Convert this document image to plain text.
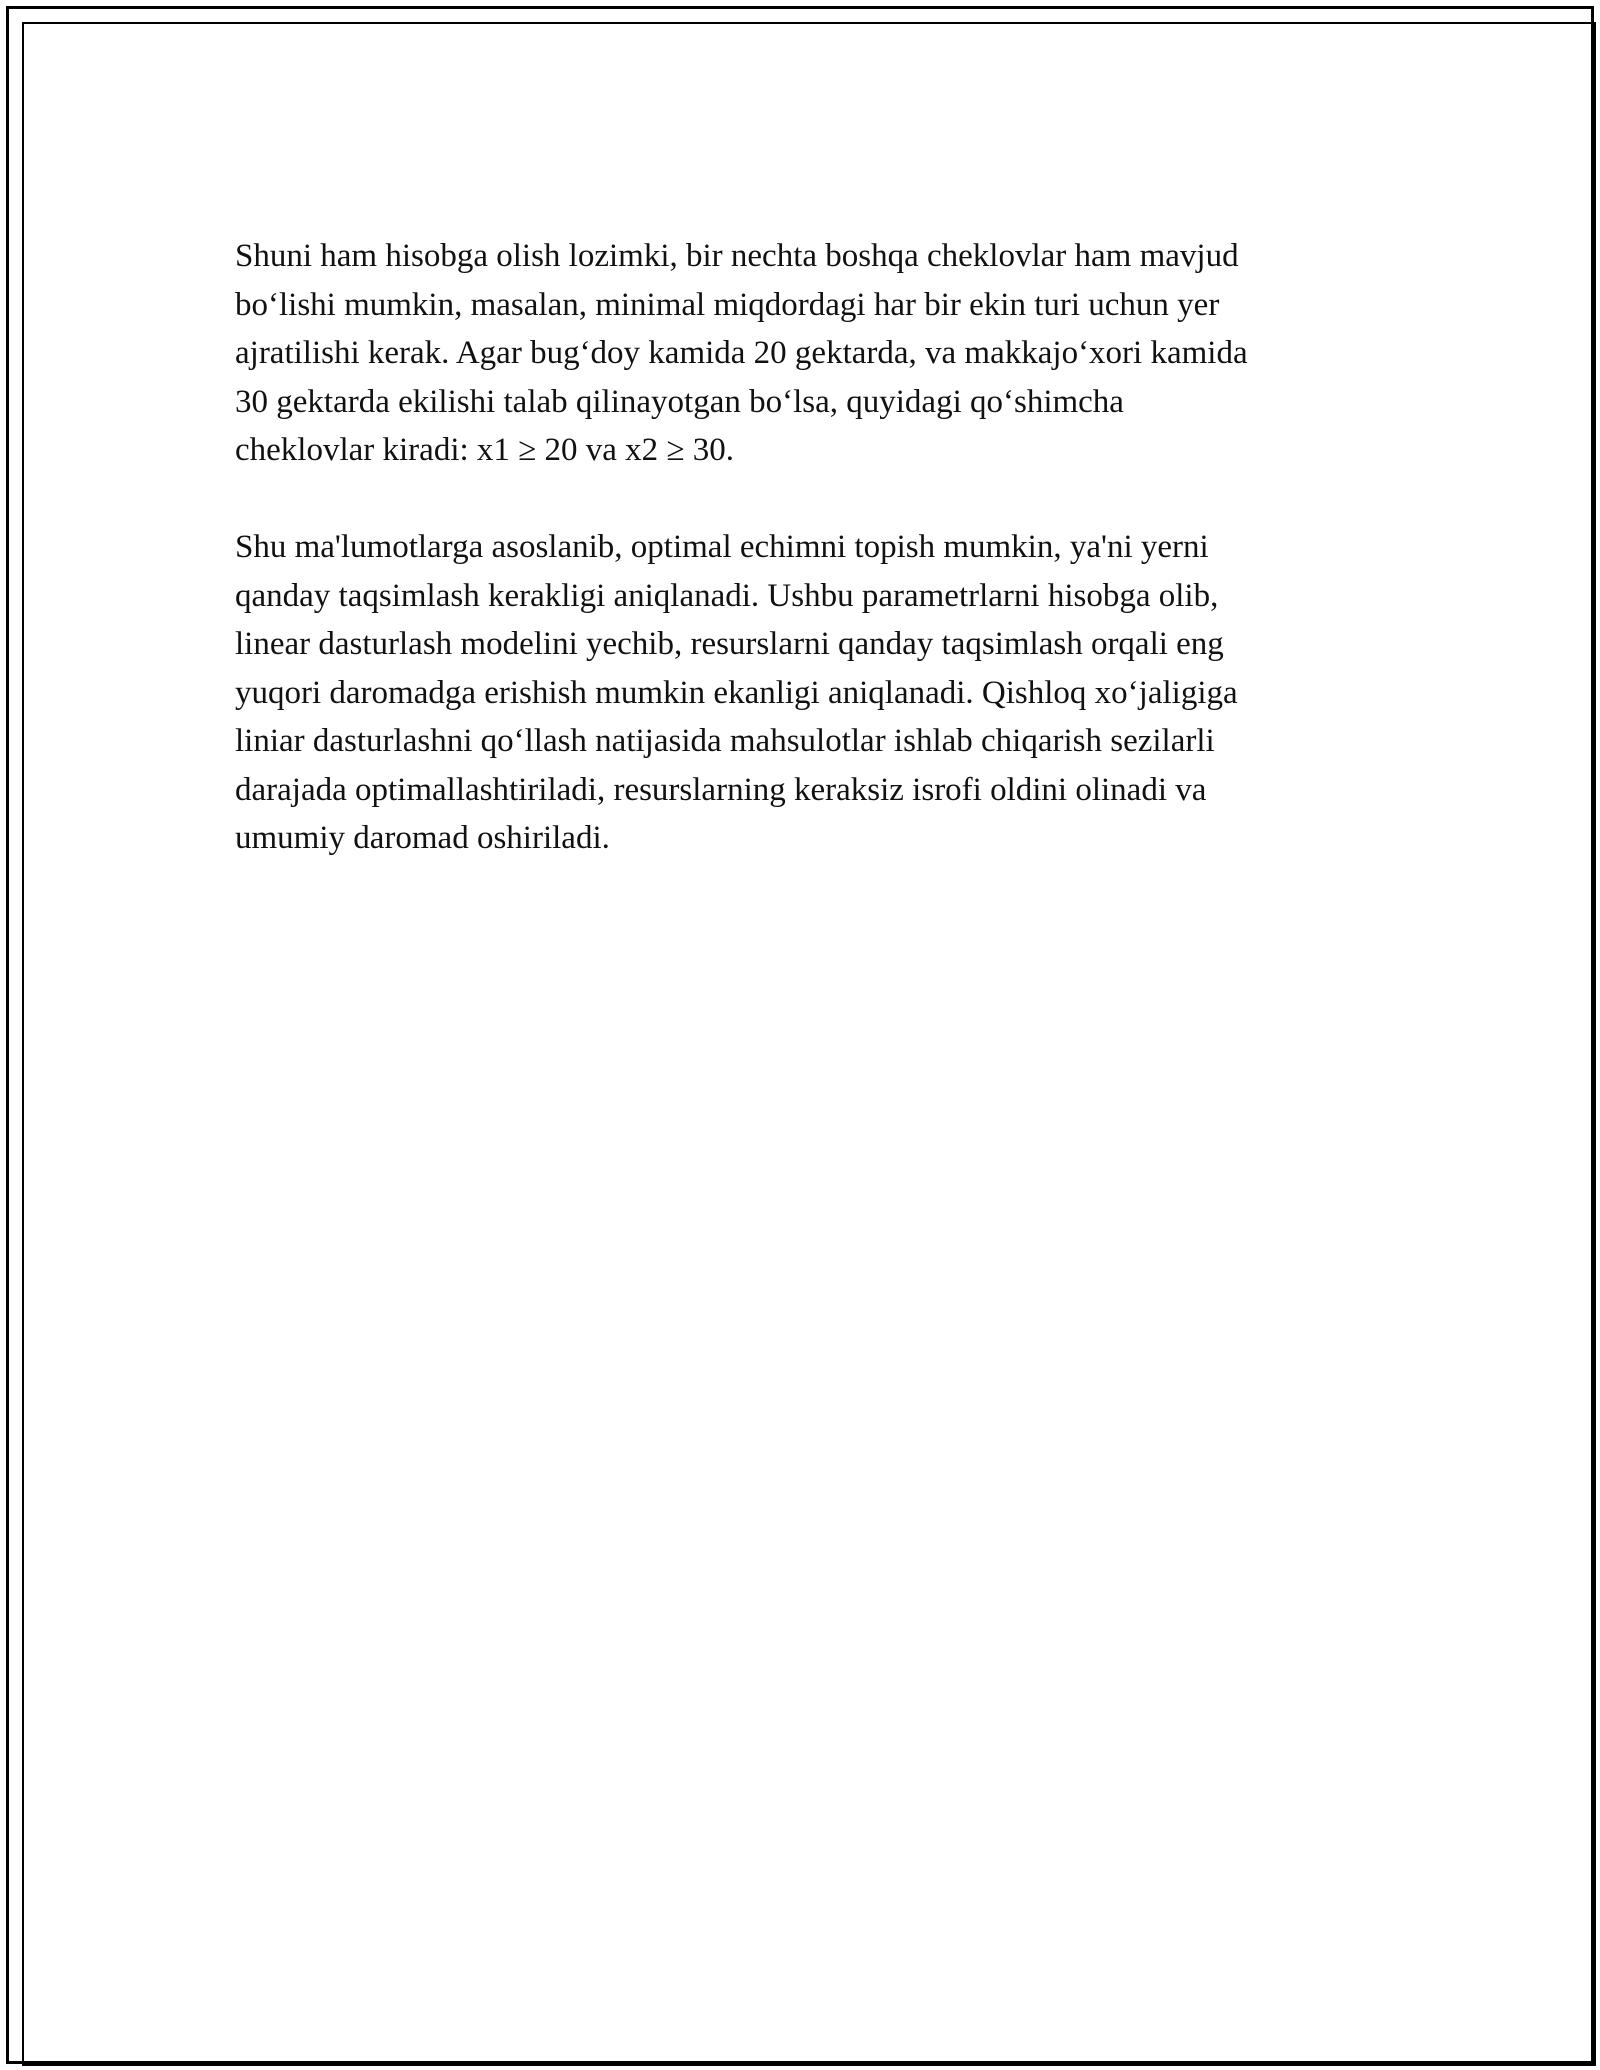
Shuni ham hisobga olish lozimki, bir nechta boshqa cheklovlar ham mavjud
bo‘lishi mumkin, masalan, minimal miqdordagi har bir ekin turi uchun yer
ajratilishi kerak. Agar bug‘doy kamida 20 gektarda, va makkajo‘xori kamida
30 gektarda ekilishi talab qilinayotgan bo‘lsa, quyidagi qo‘shimcha
cheklovlar kiradi: x1 ≥ 20 va x2 ≥ 30.

Shu ma'lumotlarga asoslanib, optimal echimni topish mumkin, ya'ni yerni
qanday taqsimlash kerakligi aniqlanadi. Ushbu parametrlarni hisobga olib,
linear dasturlash modelini yechib, resurslarni qanday taqsimlash orqali eng
yuqori daromadga erishish mumkin ekanligi aniqlanadi. Qishloq xo‘jaligiga
liniar dasturlashni qo‘llash natijasida mahsulotlar ishlab chiqarish sezilarli
darajada optimallashtiriladi, resurslarning keraksiz isrofi oldini olinadi va
umumiy daromad oshiriladi.
